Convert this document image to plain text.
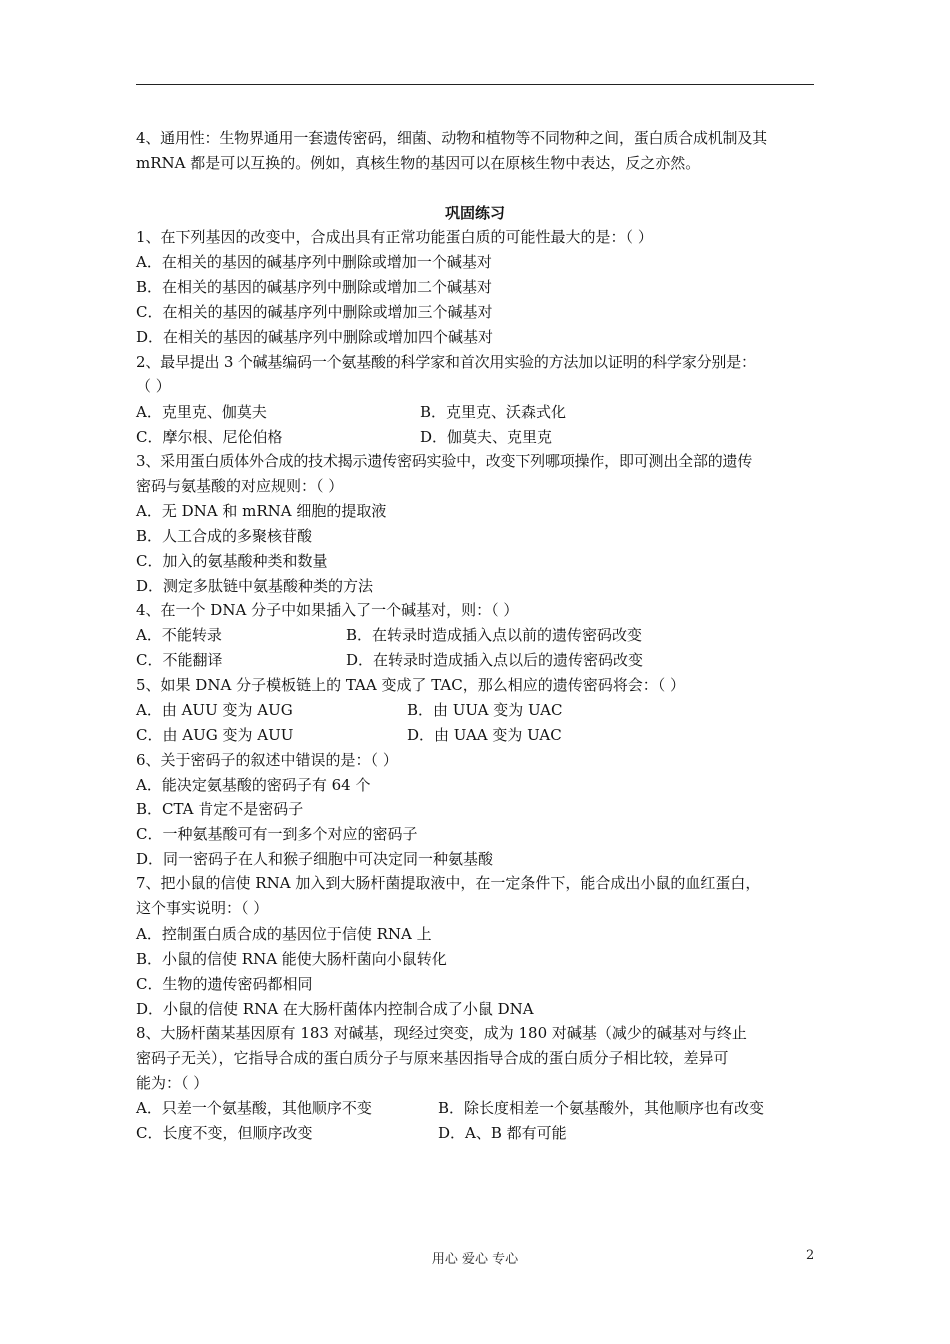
4、通用性：生物界通用一套遗传密码，细菌、动物和植物等不同物种之间，蛋白质合成机制及其
mRNA 都是可以互换的。例如，真核生物的基因可以在原核生物中表达，反之亦然。
巩固练习
1、在下列基因的改变中，合成出具有正常功能蛋白质的可能性最大的是：（ ）
A．在相关的基因的碱基序列中删除或增加一个碱基对
B．在相关的基因的碱基序列中删除或增加二个碱基对
C．在相关的基因的碱基序列中删除或增加三个碱基对
D．在相关的基因的碱基序列中删除或增加四个碱基对
2、最早提出 3 个碱基编码一个氨基酸的科学家和首次用实验的方法加以证明的科学家分别是：
（ ）
A．克里克、伽莫夫	B．克里克、沃森式化
C．摩尔根、尼伦伯格	D．伽莫夫、克里克
3、采用蛋白质体外合成的技术揭示遗传密码实验中，改变下列哪项操作，即可测出全部的遗传
密码与氨基酸的对应规则：（ ）
A．无 DNA 和 mRNA 细胞的提取液
B．人工合成的多聚核苷酸
C．加入的氨基酸种类和数量
D．测定多肽链中氨基酸种类的方法
4、在一个 DNA 分子中如果插入了一个碱基对，则：（ ）
A．不能转录	B．在转录时造成插入点以前的遗传密码改变
C．不能翻译	D．在转录时造成插入点以后的遗传密码改变
5、如果 DNA 分子模板链上的 TAA 变成了 TAC，那么相应的遗传密码将会：（ ）
A．由 AUU 变为 AUG	B．由 UUA 变为 UAC
C．由 AUG 变为 AUU	D．由 UAA 变为 UAC
6、关于密码子的叙述中错误的是：（ ）
A．能决定氨基酸的密码子有 64 个
B．CTA 肯定不是密码子
C．一种氨基酸可有一到多个对应的密码子
D．同一密码子在人和猴子细胞中可决定同一种氨基酸
7、把小鼠的信使 RNA 加入到大肠杆菌提取液中，在一定条件下，能合成出小鼠的血红蛋白，
这个事实说明：（ ）
A．控制蛋白质合成的基因位于信使 RNA 上
B．小鼠的信使 RNA 能使大肠杆菌向小鼠转化
C．生物的遗传密码都相同
D．小鼠的信使 RNA 在大肠杆菌体内控制合成了小鼠 DNA
8、大肠杆菌某基因原有 183 对碱基，现经过突变，成为 180 对碱基（减少的碱基对与终止
密码子无关），它指导合成的蛋白质分子与原来基因指导合成的蛋白质分子相比较，差异可
能为：（ ）
A．只差一个氨基酸，其他顺序不变	B．除长度相差一个氨基酸外，其他顺序也有改变
C．长度不变，但顺序改变	D．A、B 都有可能
用心 爱心 专心	2
